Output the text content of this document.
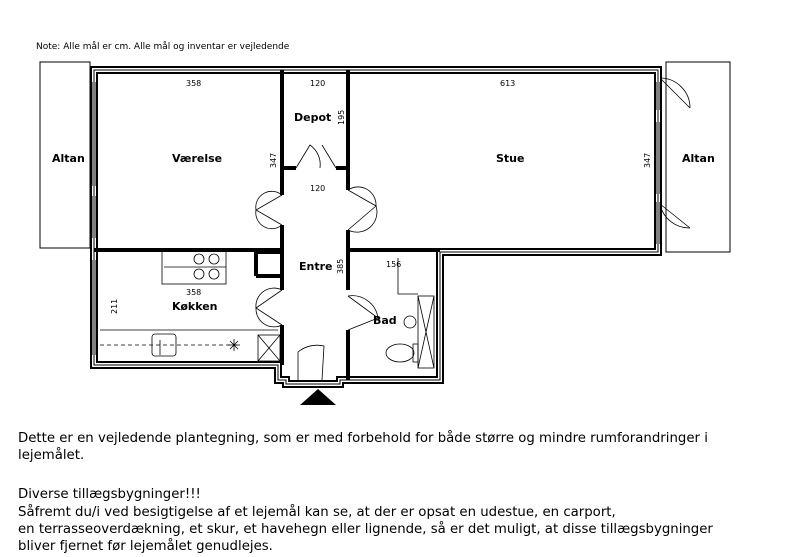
Note: Alle mål er cm. Alle mål og inventar er vejledende
Altan	Værelse
Depot
Stue	Altan
Entre
Køkken
Bad
358	120	613
120
156
358
347
195
347
385
211
Dette er en vejledende plantegning, som er med forbehold for både større og mindre rumforandringer i lejemålet.
Diverse tillægsbygninger!!!
Såfremt du/i ved besigtigelse af et lejemål kan se, at der er opsat en udestue, en carport,
en terrasseoverdækning, et skur, et havehegn eller lignende, så er det muligt, at disse tillægsbygninger
bliver fjernet før lejemålet genudlejes.
